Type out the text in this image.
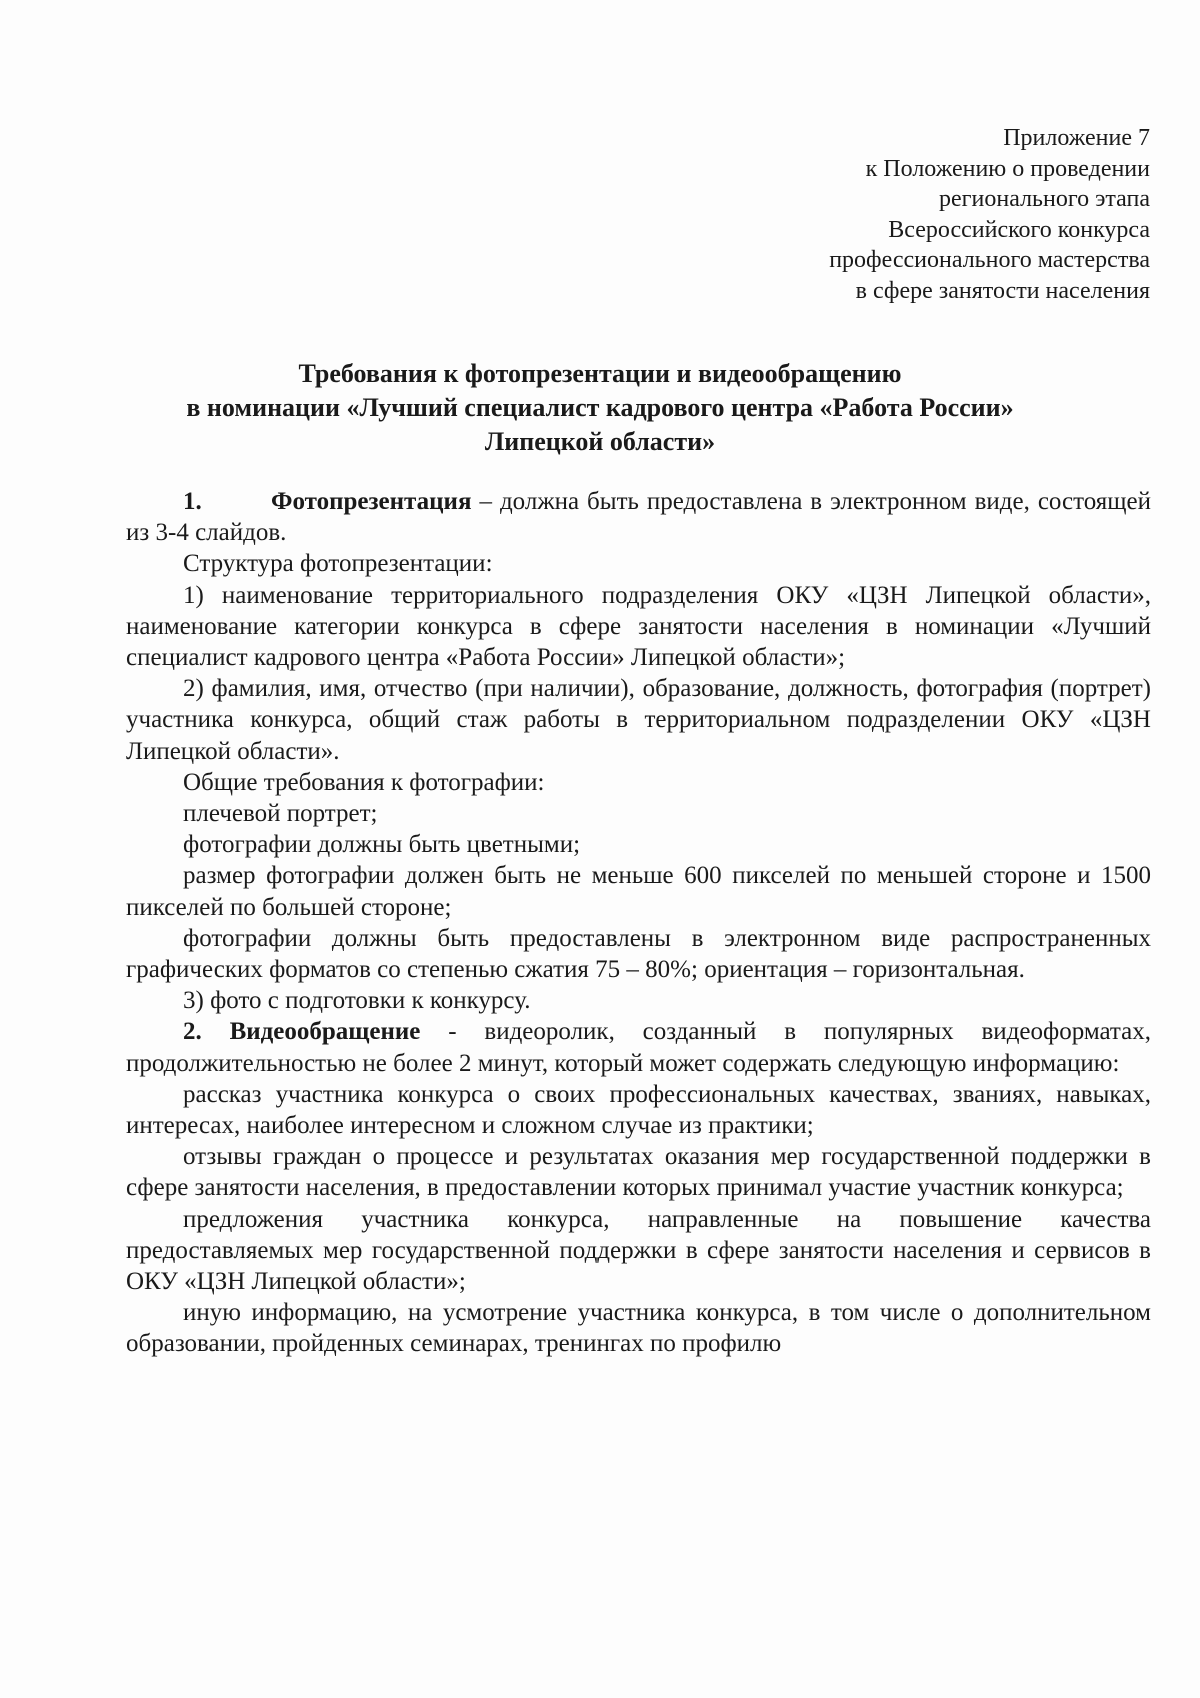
Приложение 7
к Положению о проведении
регионального этапа
Всероссийского конкурса
профессионального мастерства
в сфере занятости населения
Требования к фотопрезентации и видеообращению
в номинации «Лучший специалист кадрового центра «Работа России»
Липецкой области»

1.	Фотопрезентация – должна быть предоставлена в электронном виде, состоящей из 3-4 слайдов.

Структура фотопрезентации:

1) наименование территориального подразделения ОКУ «ЦЗН Липецкой области», наименование категории конкурса в сфере занятости населения в номинации «Лучший специалист кадрового центра «Работа России» Липецкой области»;

2) фамилия, имя, отчество (при наличии), образование, должность, фотография (портрет) участника конкурса, общий стаж работы в территориальном подразделении ОКУ «ЦЗН Липецкой области».

Общие требования к фотографии:

плечевой портрет;

фотографии должны быть цветными;

размер фотографии должен быть не меньше 600 пикселей по меньшей стороне и 1500 пикселей по большей стороне;

фотографии должны быть предоставлены в электронном виде распространенных графических форматов со степенью сжатия 75 – 80%; ориентация – горизонтальная.

3) фото с подготовки к конкурсу.

2. Видеообращение - видеоролик, созданный в популярных видеоформатах, продолжительностью не более 2 минут, который может содержать следующую информацию:

рассказ участника конкурса о своих профессиональных качествах, званиях, навыках, интересах, наиболее интересном и сложном случае из практики;

отзывы граждан о процессе и результатах оказания мер государственной поддержки в сфере занятости населения, в предоставлении которых принимал участие участник конкурса;

предложения участника конкурса, направленные на повышение качества предоставляемых мер государственной поддержки в сфере занятости населения и сервисов в ОКУ «ЦЗН Липецкой области»;

иную информацию, на усмотрение участника конкурса, в том числе о дополнительном образовании, пройденных семинарах, тренингах по профилю
